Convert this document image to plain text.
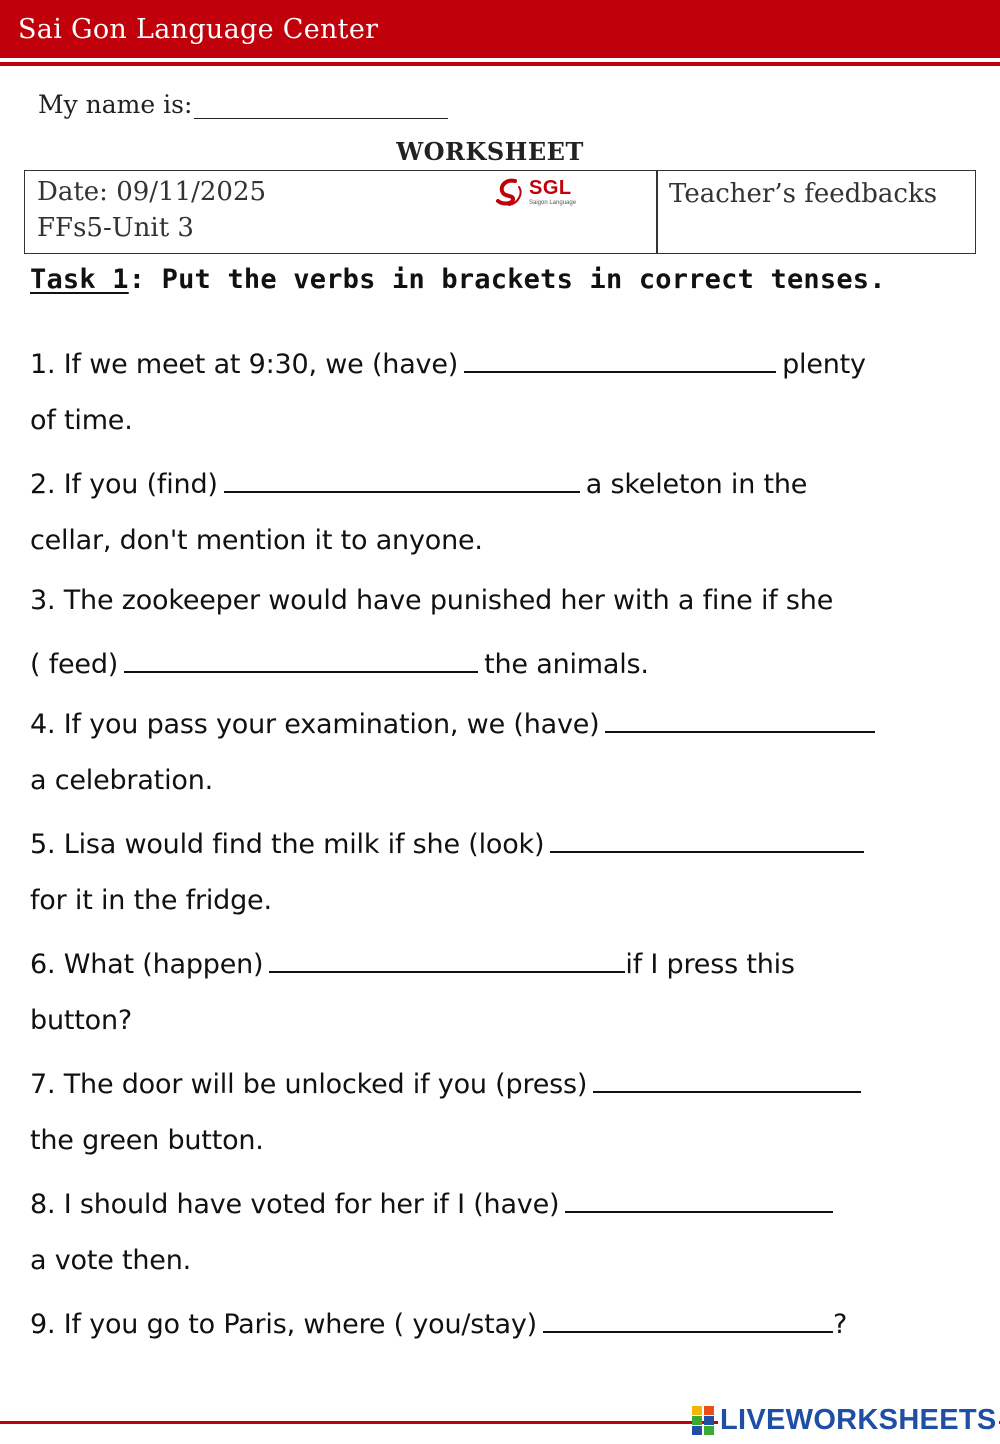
Sai Gon Language Center
My name is:
WORKSHEET
Date: 09/11/2025
FFs5-Unit 3
SGL
Saigon Language	Teacher’s feedbacks
Task 1: Put the verbs in brackets in correct tenses.
1. If we meet at 9:30, we (have)	plenty
of time.
2. If you (find)	a skeleton in the
cellar, don't mention it to anyone.
3. The zookeeper would have punished her with a fine if she
( feed)	the animals.
4. If you pass your examination, we (have)
a celebration.
5. Lisa would find the milk if she (look)
for it in the fridge.
6. What (happen)	if I press this
button?
7. The door will be unlocked if you (press)
the green button.
8. I should have voted for her if I (have)
a vote then.
9. If you go to Paris, where ( you/stay)	?
LIVEWORKSHEETS
